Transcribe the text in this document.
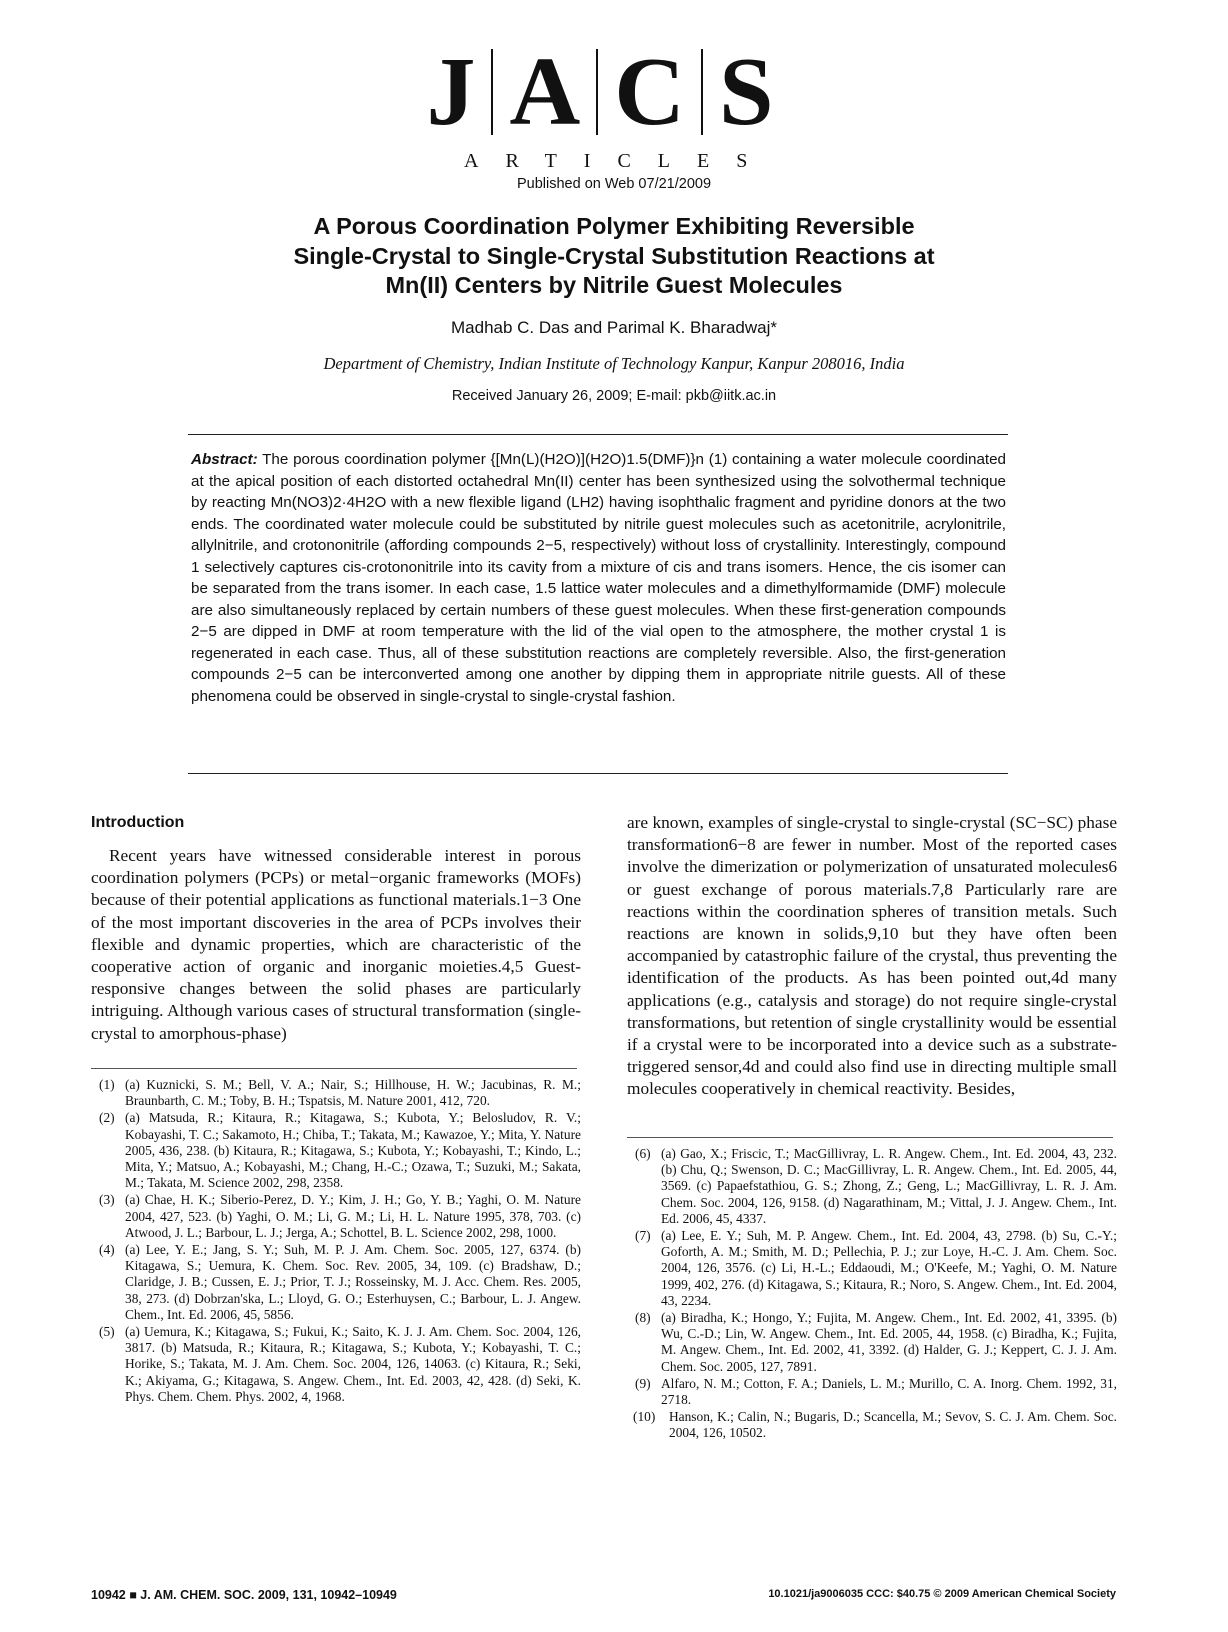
J A C S
ARTICLES
Published on Web 07/21/2009
A Porous Coordination Polymer Exhibiting Reversible
Single-Crystal to Single-Crystal Substitution Reactions at
Mn(II) Centers by Nitrile Guest Molecules
Madhab C. Das and Parimal K. Bharadwaj*
Department of Chemistry, Indian Institute of Technology Kanpur, Kanpur 208016, India
Received January 26, 2009; E-mail: pkb@iitk.ac.in
Abstract: The porous coordination polymer {[Mn(L)(H2O)](H2O)1.5(DMF)}n (1) containing a water molecule coordinated at the apical position of each distorted octahedral Mn(II) center has been synthesized using the solvothermal technique by reacting Mn(NO3)2·4H2O with a new flexible ligand (LH2) having isophthalic fragment and pyridine donors at the two ends. The coordinated water molecule could be substituted by nitrile guest molecules such as acetonitrile, acrylonitrile, allylnitrile, and crotononitrile (affording compounds 2−5, respectively) without loss of crystallinity. Interestingly, compound 1 selectively captures cis-crotononitrile into its cavity from a mixture of cis and trans isomers. Hence, the cis isomer can be separated from the trans isomer. In each case, 1.5 lattice water molecules and a dimethylformamide (DMF) molecule are also simultaneously replaced by certain numbers of these guest molecules. When these first-generation compounds 2−5 are dipped in DMF at room temperature with the lid of the vial open to the atmosphere, the mother crystal 1 is regenerated in each case. Thus, all of these substitution reactions are completely reversible. Also, the first-generation compounds 2−5 can be interconverted among one another by dipping them in appropriate nitrile guests. All of these phenomena could be observed in single-crystal to single-crystal fashion.
Introduction

Recent years have witnessed considerable interest in porous coordination polymers (PCPs) or metal−organic frameworks (MOFs) because of their potential applications as functional materials.1−3 One of the most important discoveries in the area of PCPs involves their flexible and dynamic properties, which are characteristic of the cooperative action of organic and inorganic moieties.4,5 Guest-responsive changes between the solid phases are particularly intriguing. Although various cases of structural transformation (single-crystal to amorphous-phase)

(1) (a) Kuznicki, S. M.; Bell, V. A.; Nair, S.; Hillhouse, H. W.; Jacubinas, R. M.; Braunbarth, C. M.; Toby, B. H.; Tspatsis, M. Nature 2001, 412, 720.
(2) (a) Matsuda, R.; Kitaura, R.; Kitagawa, S.; Kubota, Y.; Belosludov, R. V.; Kobayashi, T. C.; Sakamoto, H.; Chiba, T.; Takata, M.; Kawazoe, Y.; Mita, Y. Nature 2005, 436, 238. (b) Kitaura, R.; Kitagawa, S.; Kubota, Y.; Kobayashi, T.; Kindo, L.; Mita, Y.; Matsuo, A.; Kobayashi, M.; Chang, H.-C.; Ozawa, T.; Suzuki, M.; Sakata, M.; Takata, M. Science 2002, 298, 2358.
(3) (a) Chae, H. K.; Siberio-Perez, D. Y.; Kim, J. H.; Go, Y. B.; Yaghi, O. M. Nature 2004, 427, 523. (b) Yaghi, O. M.; Li, G. M.; Li, H. L. Nature 1995, 378, 703. (c) Atwood, J. L.; Barbour, L. J.; Jerga, A.; Schottel, B. L. Science 2002, 298, 1000.
(4) (a) Lee, Y. E.; Jang, S. Y.; Suh, M. P. J. Am. Chem. Soc. 2005, 127, 6374. (b) Kitagawa, S.; Uemura, K. Chem. Soc. Rev. 2005, 34, 109. (c) Bradshaw, D.; Claridge, J. B.; Cussen, E. J.; Prior, T. J.; Rosseinsky, M. J. Acc. Chem. Res. 2005, 38, 273. (d) Dobrzan'ska, L.; Lloyd, G. O.; Esterhuysen, C.; Barbour, L. J. Angew. Chem., Int. Ed. 2006, 45, 5856.
(5) (a) Uemura, K.; Kitagawa, S.; Fukui, K.; Saito, K. J. J. Am. Chem. Soc. 2004, 126, 3817. (b) Matsuda, R.; Kitaura, R.; Kitagawa, S.; Kubota, Y.; Kobayashi, T. C.; Horike, S.; Takata, M. J. Am. Chem. Soc. 2004, 126, 14063. (c) Kitaura, R.; Seki, K.; Akiyama, G.; Kitagawa, S. Angew. Chem., Int. Ed. 2003, 42, 428. (d) Seki, K. Phys. Chem. Chem. Phys. 2002, 4, 1968.
are known, examples of single-crystal to single-crystal (SC−SC) phase transformation6−8 are fewer in number. Most of the reported cases involve the dimerization or polymerization of unsaturated molecules6 or guest exchange of porous materials.7,8 Particularly rare are reactions within the coordination spheres of transition metals. Such reactions are known in solids,9,10 but they have often been accompanied by catastrophic failure of the crystal, thus preventing the identification of the products. As has been pointed out,4d many applications (e.g., catalysis and storage) do not require single-crystal transformations, but retention of single crystallinity would be essential if a crystal were to be incorporated into a device such as a substrate-triggered sensor,4d and could also find use in directing multiple small molecules cooperatively in chemical reactivity. Besides,
(6) (a) Gao, X.; Friscic, T.; MacGillivray, L. R. Angew. Chem., Int. Ed. 2004, 43, 232. (b) Chu, Q.; Swenson, D. C.; MacGillivray, L. R. Angew. Chem., Int. Ed. 2005, 44, 3569. (c) Papaefstathiou, G. S.; Zhong, Z.; Geng, L.; MacGillivray, L. R. J. Am. Chem. Soc. 2004, 126, 9158. (d) Nagarathinam, M.; Vittal, J. J. Angew. Chem., Int. Ed. 2006, 45, 4337.
(7) (a) Lee, E. Y.; Suh, M. P. Angew. Chem., Int. Ed. 2004, 43, 2798. (b) Su, C.-Y.; Goforth, A. M.; Smith, M. D.; Pellechia, P. J.; zur Loye, H.-C. J. Am. Chem. Soc. 2004, 126, 3576. (c) Li, H.-L.; Eddaoudi, M.; O'Keefe, M.; Yaghi, O. M. Nature 1999, 402, 276. (d) Kitagawa, S.; Kitaura, R.; Noro, S. Angew. Chem., Int. Ed. 2004, 43, 2234.
(8) (a) Biradha, K.; Hongo, Y.; Fujita, M. Angew. Chem., Int. Ed. 2002, 41, 3395. (b) Wu, C.-D.; Lin, W. Angew. Chem., Int. Ed. 2005, 44, 1958. (c) Biradha, K.; Fujita, M. Angew. Chem., Int. Ed. 2002, 41, 3392. (d) Halder, G. J.; Keppert, C. J. J. Am. Chem. Soc. 2005, 127, 7891.
(9) Alfaro, N. M.; Cotton, F. A.; Daniels, L. M.; Murillo, C. A. Inorg. Chem. 1992, 31, 2718.
(10) Hanson, K.; Calin, N.; Bugaris, D.; Scancella, M.; Sevov, S. C. J. Am. Chem. Soc. 2004, 126, 10502.
10942 ■ J. AM. CHEM. SOC. 2009, 131, 10942–10949	10.1021/ja9006035 CCC: $40.75 © 2009 American Chemical Society
